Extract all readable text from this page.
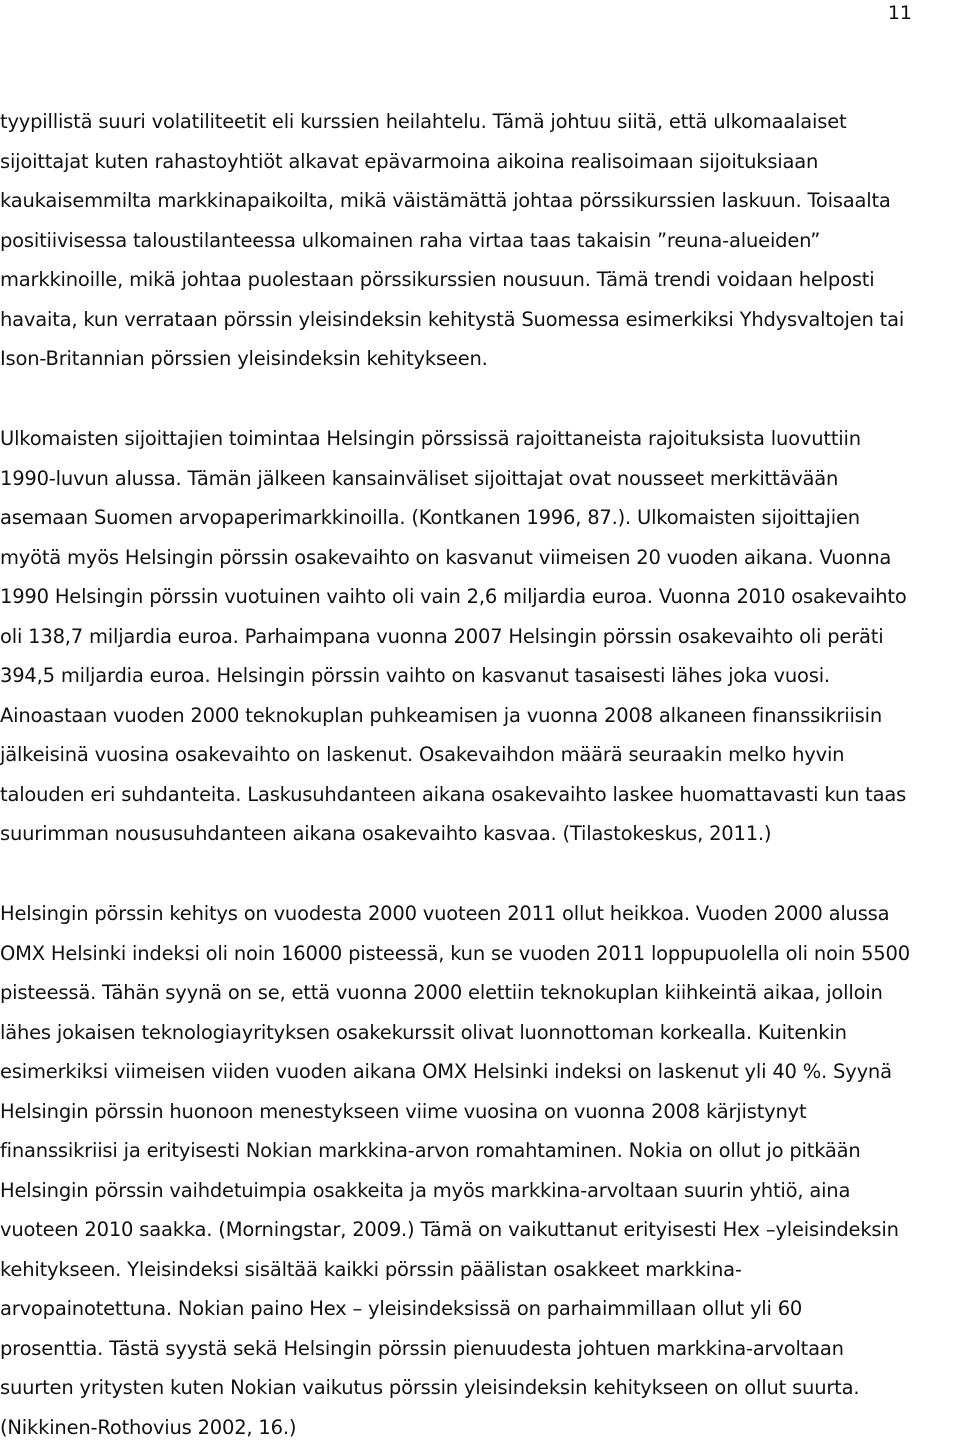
11
tyypillistä suuri volatiliteetit eli kurssien heilahtelu. Tämä johtuu siitä, että ulkomaalaiset
sijoittajat kuten rahastoyhtiöt alkavat epävarmoina aikoina realisoimaan sijoituksiaan
kaukaisemmilta markkinapaikoilta, mikä väistämättä johtaa pörssikurssien laskuun. Toisaalta
positiivisessa taloustilanteessa ulkomainen raha virtaa taas takaisin ”reuna-alueiden”
markkinoille, mikä johtaa puolestaan pörssikurssien nousuun. Tämä trendi voidaan helposti
havaita, kun verrataan pörssin yleisindeksin kehitystä Suomessa esimerkiksi Yhdysvaltojen tai
Ison-Britannian pörssien yleisindeksin kehitykseen.
Ulkomaisten sijoittajien toimintaa Helsingin pörssissä rajoittaneista rajoituksista luovuttiin
1990-luvun alussa. Tämän jälkeen kansainväliset sijoittajat ovat nousseet merkittävään
asemaan Suomen arvopaperimarkkinoilla. (Kontkanen 1996, 87.). Ulkomaisten sijoittajien
myötä myös Helsingin pörssin osakevaihto on kasvanut viimeisen 20 vuoden aikana. Vuonna
1990 Helsingin pörssin vuotuinen vaihto oli vain 2,6 miljardia euroa. Vuonna 2010 osakevaihto
oli 138,7 miljardia euroa. Parhaimpana vuonna 2007 Helsingin pörssin osakevaihto oli peräti
394,5 miljardia euroa. Helsingin pörssin vaihto on kasvanut tasaisesti lähes joka vuosi.
Ainoastaan vuoden 2000 teknokuplan puhkeamisen ja vuonna 2008 alkaneen finanssikriisin
jälkeisinä vuosina osakevaihto on laskenut. Osakevaihdon määrä seuraakin melko hyvin
talouden eri suhdanteita. Laskusuhdanteen aikana osakevaihto laskee huomattavasti kun taas
suurimman noususuhdanteen aikana osakevaihto kasvaa. (Tilastokeskus, 2011.)
Helsingin pörssin kehitys on vuodesta 2000 vuoteen 2011 ollut heikkoa. Vuoden 2000 alussa
OMX Helsinki indeksi oli noin 16000 pisteessä, kun se vuoden 2011 loppupuolella oli noin 5500
pisteessä. Tähän syynä on se, että vuonna 2000 elettiin teknokuplan kiihkeintä aikaa, jolloin
lähes jokaisen teknologiayrityksen osakekurssit olivat luonnottoman korkealla. Kuitenkin
esimerkiksi viimeisen viiden vuoden aikana OMX Helsinki indeksi on laskenut yli 40 %. Syynä
Helsingin pörssin huonoon menestykseen viime vuosina on vuonna 2008 kärjistynyt
finanssikriisi ja erityisesti Nokian markkina-arvon romahtaminen. Nokia on ollut jo pitkään
Helsingin pörssin vaihdetuimpia osakkeita ja myös markkina-arvoltaan suurin yhtiö, aina
vuoteen 2010 saakka. (Morningstar, 2009.) Tämä on vaikuttanut erityisesti Hex –yleisindeksin
kehitykseen. Yleisindeksi sisältää kaikki pörssin päälistan osakkeet markkina-
arvopainotettuna. Nokian paino Hex – yleisindeksissä on parhaimmillaan ollut yli 60
prosenttia. Tästä syystä sekä Helsingin pörssin pienuudesta johtuen markkina-arvoltaan
suurten yritysten kuten Nokian vaikutus pörssin yleisindeksin kehitykseen on ollut suurta.
(Nikkinen-Rothovius 2002, 16.)
